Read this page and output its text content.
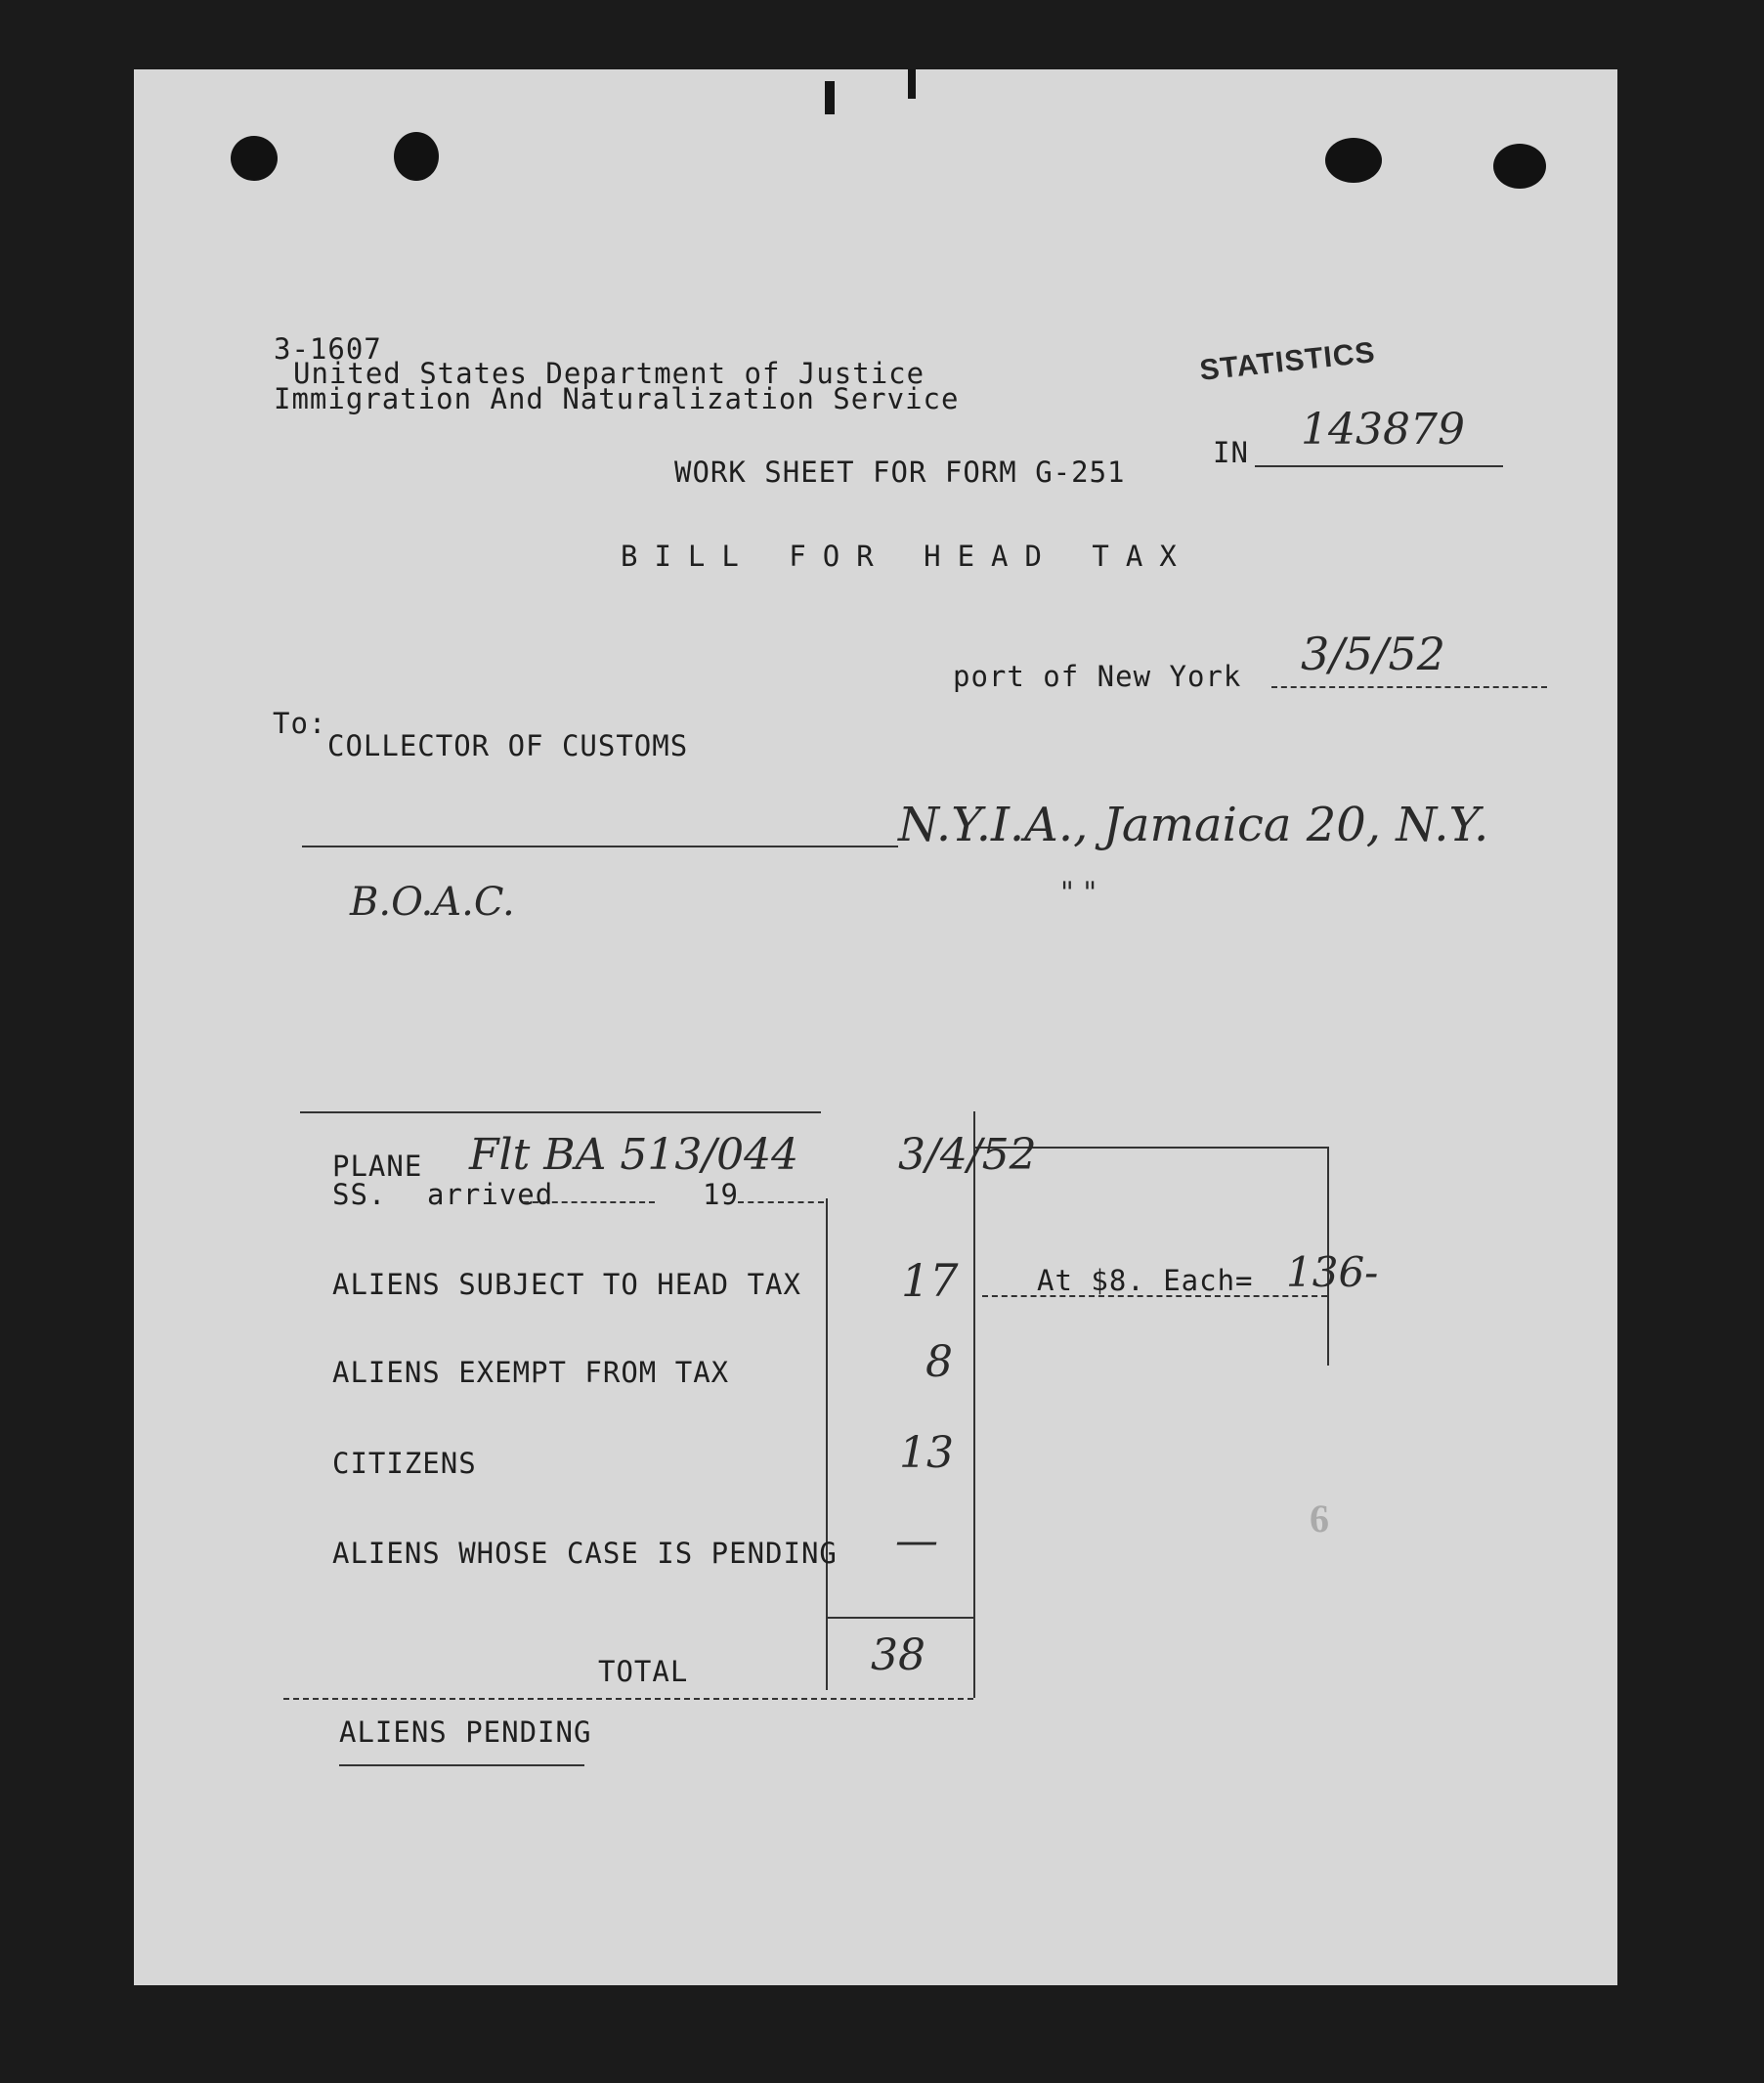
3-1607
United States Department of Justice
Immigration And Naturalization Service
STATISTICS
IN 143879
WORK SHEET FOR FORM G-251
BILL FOR HEAD TAX
port of New York 3/5/52
To:
COLLECTOR OF CUSTOMS
N.Y.I.A., Jamaica 20, N.Y.
" "
B.O.A.C.
PLANE Flt BA 513/044 3/4/52
SS. arrived	19
ALIENS SUBJECT TO HEAD TAX 17	At $8. Each= 136-
ALIENS EXEMPT FROM TAX	8
CITIZENS	13
ALIENS WHOSE CASE IS PENDING —
TOTAL	38
ALIENS PENDING
6
